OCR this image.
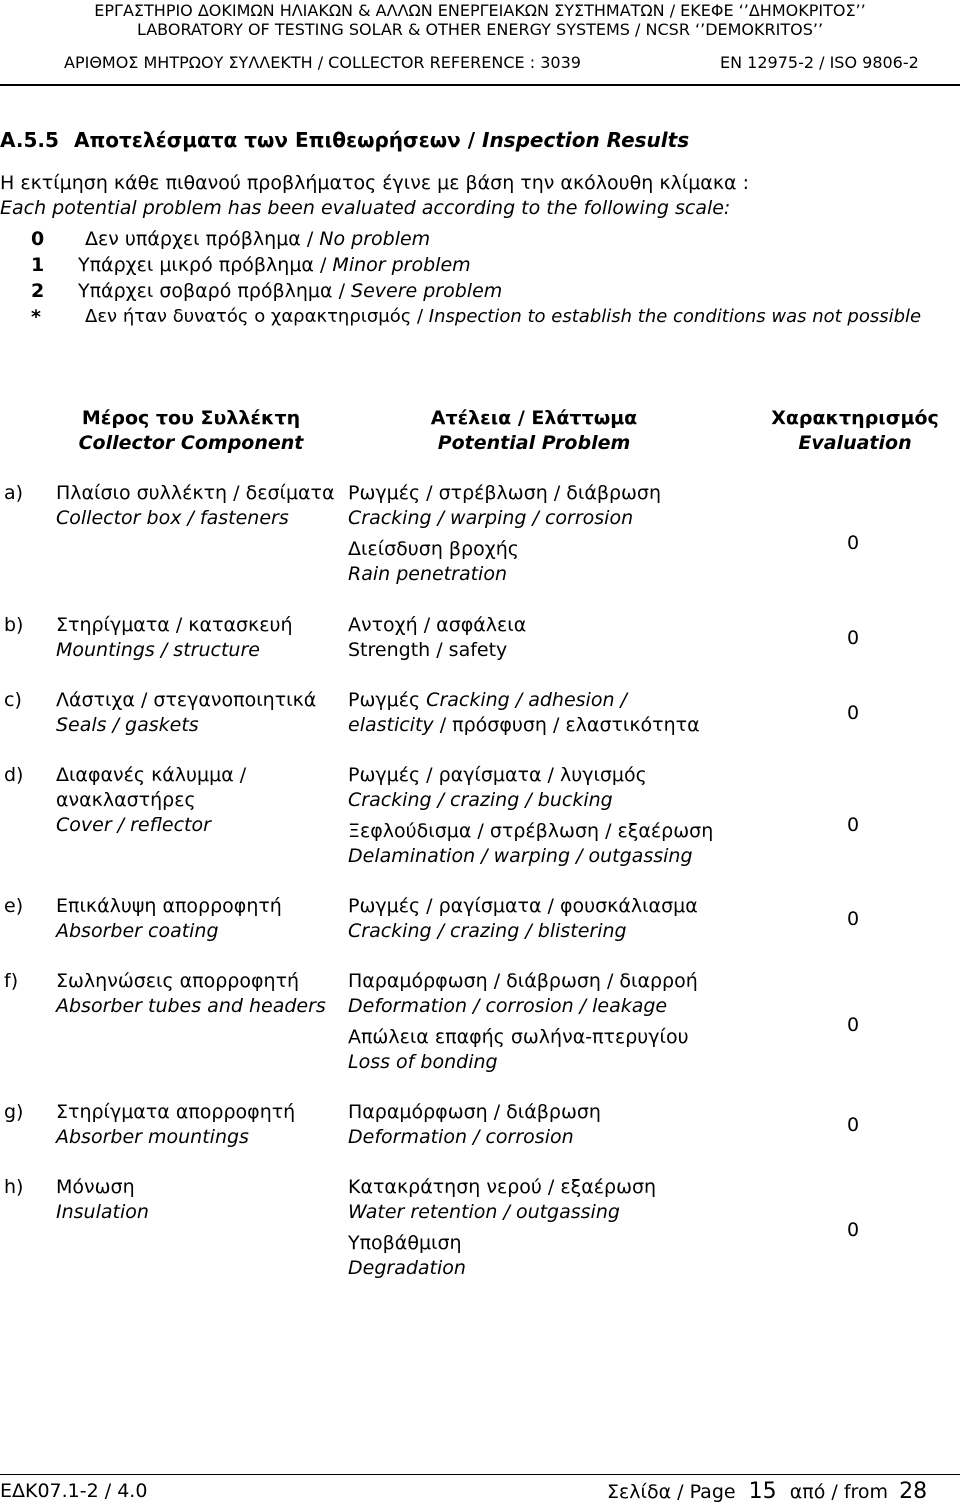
ΕΡΓΑΣΤΗΡΙΟ ΔΟΚΙΜΩΝ ΗΛΙΑΚΩΝ & ΑΛΛΩΝ ΕΝΕΡΓΕΙΑΚΩΝ ΣΥΣΤΗΜΑΤΩΝ / ΕΚΕΦΕ ‘’ΔΗΜΟΚΡΙΤΟΣ’’
LABORATORY OF TESTING SOLAR & OTHER ENERGY SYSTEMS / NCSR ‘’DEMOKRITOS’’
ΑΡΙΘΜΟΣ ΜΗΤΡΩΟΥ ΣΥΛΛΕΚΤΗ / COLLECTOR REFERENCE : 3039	EN 12975-2 / ISO 9806-2
A.5.5 Αποτελέσματα των Επιθεωρήσεων / Inspection Results
Η εκτίμηση κάθε πιθανού προβλήματος έγινε με βάση την ακόλουθη κλίμακα :
Each potential problem has been evaluated according to the following scale:
0 Δεν υπάρχει πρόβλημα / No problem
1 Υπάρχει μικρό πρόβλημα / Minor problem
2 Υπάρχει σοβαρό πρόβλημα / Severe problem
* Δεν ήταν δυνατός ο χαρακτηρισμός / Inspection to establish the conditions was not possible
Μέρος του Συλλέκτη
Collector Component
Ατέλεια / Ελάττωμα
Potential Problem
Χαρακτηρισμός
Evaluation
a) Πλαίσιο συλλέκτη / δεσίματα
Collector box / fasteners
Ρωγμές / στρέβλωση / διάβρωση
Cracking / warping / corrosion
Διείσδυση βροχής
Rain penetration
0
b) Στηρίγματα / κατασκευή
Mountings / structure
Αντοχή / ασφάλεια
Strength / safety
0
c) Λάστιχα / στεγανοποιητικά
Seals / gaskets
Ρωγμές Cracking / adhesion /
elasticity / πρόσφυση / ελαστικότητα
0
d) Διαφανές κάλυμμα /
ανακλαστήρες
Cover / reflector
Ρωγμές / ραγίσματα / λυγισμός
Cracking / crazing / bucking
Ξεφλούδισμα / στρέβλωση / εξαέρωση
Delamination / warping / outgassing
0
e) Επικάλυψη απορροφητή
Absorber coating
Ρωγμές / ραγίσματα / φουσκάλιασμα
Cracking / crazing / blistering
0
f) Σωληνώσεις απορροφητή
Absorber tubes and headers
Παραμόρφωση / διάβρωση / διαρροή
Deformation / corrosion / leakage
Απώλεια επαφής σωλήνα-πτερυγίου
Loss of bonding
0
g) Στηρίγματα απορροφητή
Absorber mountings
Παραμόρφωση / διάβρωση
Deformation / corrosion
0
h) Μόνωση
Insulation
Κατακράτηση νερού / εξαέρωση
Water retention / outgassing
Υποβάθμιση
Degradation
0
ΕΔΚ07.1-2 / 4.0	Σελίδα / Page 15 από / from 28
